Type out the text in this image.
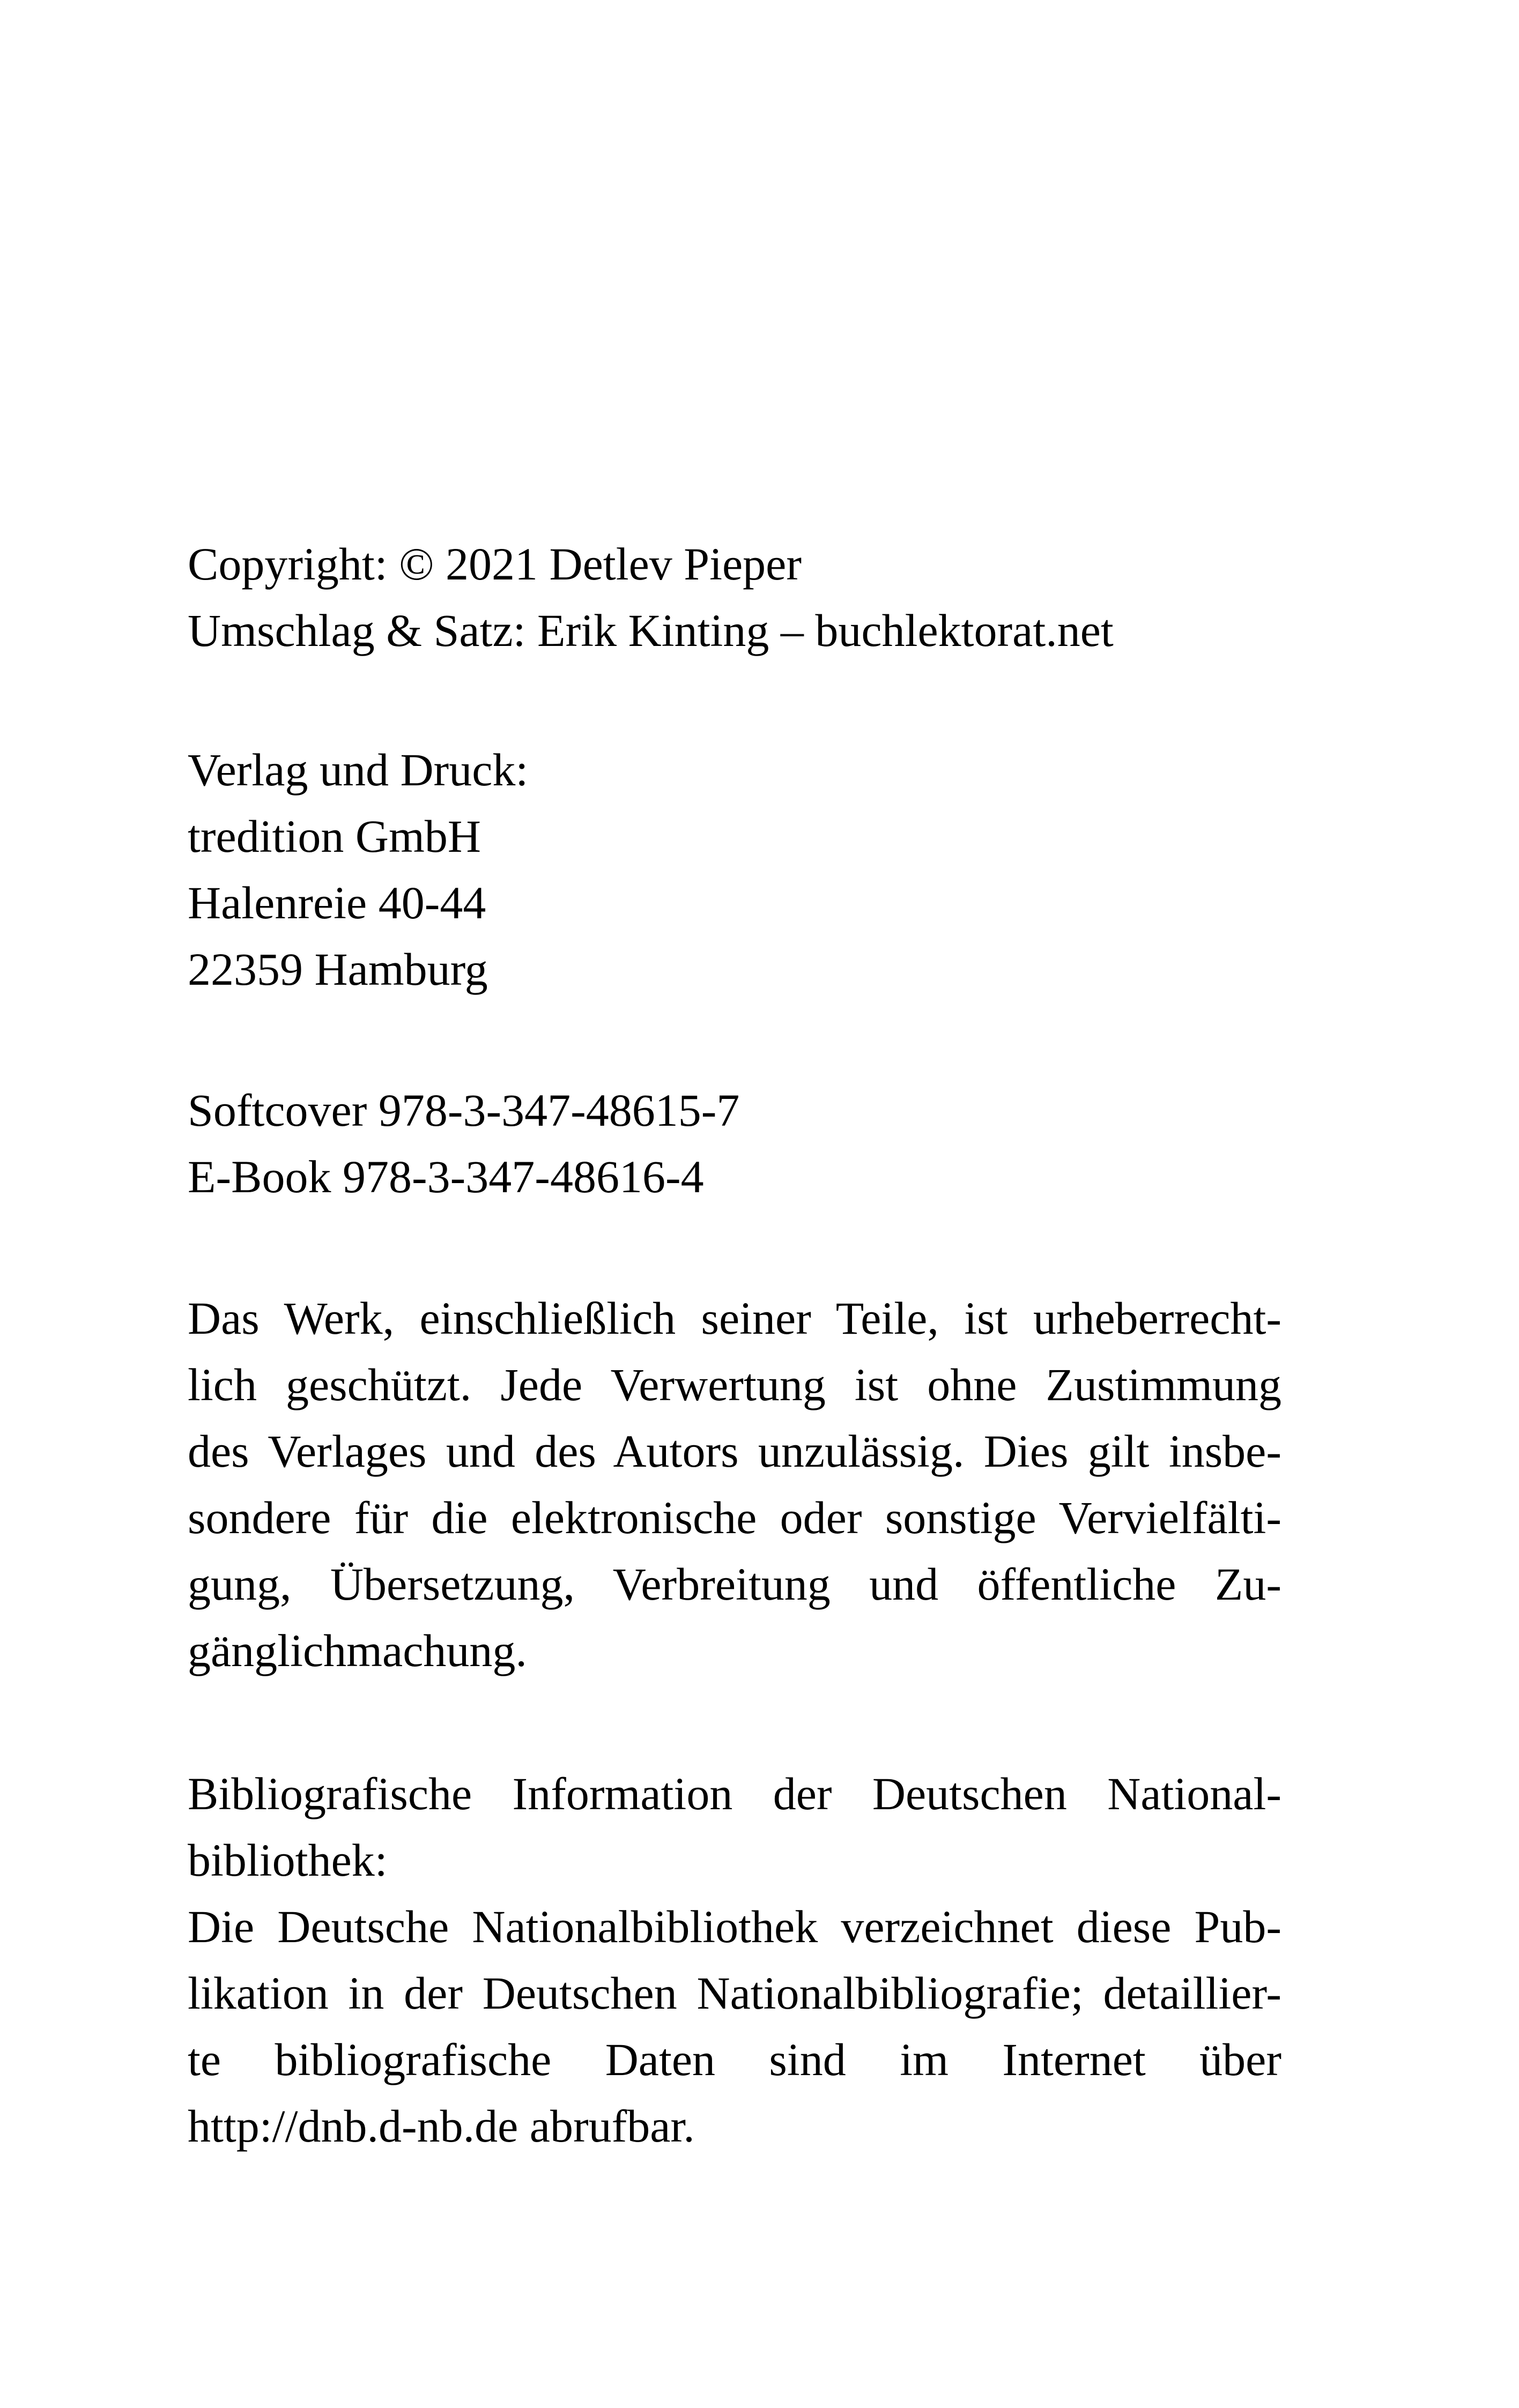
Copyright: © 2021 Detlev Pieper

Umschlag & Satz: Erik Kinting – buchlektorat.net

Verlag und Druck:

tredition GmbH

Halenreie 40-44

22359 Hamburg

Softcover 978-3-347-48615-7

E-Book 978-3-347-48616-4

Das Werk, einschließlich seiner Teile, ist urheberrecht-

lich geschützt. Jede Verwertung ist ohne Zustimmung

des Verlages und des Autors unzulässig. Dies gilt insbe-

sondere für die elektronische oder sonstige Vervielfälti-

gung, Übersetzung, Verbreitung und öffentliche Zu-

gänglichmachung.

Bibliografische Information der Deutschen National-

bibliothek:

Die Deutsche Nationalbibliothek verzeichnet diese Pub-

likation in der Deutschen Nationalbibliografie; detaillier-

te bibliografische Daten sind im Internet über

http://dnb.d-nb.de abrufbar.
